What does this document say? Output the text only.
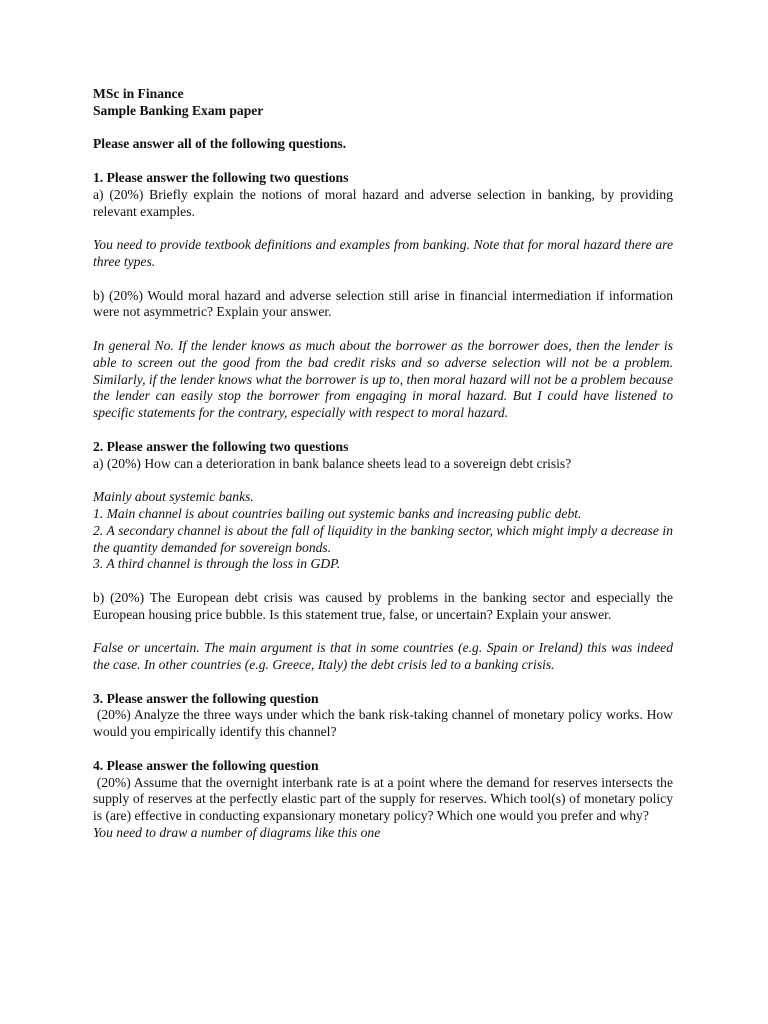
MSc in Finance

Sample Banking Exam paper

Please answer all of the following questions.

1. Please answer the following two questions

a) (20%) Briefly explain the notions of moral hazard and adverse selection in banking, by providing relevant examples.

You need to provide textbook definitions and examples from banking. Note that for moral hazard there are three types.

b) (20%) Would moral hazard and adverse selection still arise in financial intermediation if information were not asymmetric? Explain your answer.

In general No. If the lender knows as much about the borrower as the borrower does, then the lender is able to screen out the good from the bad credit risks and so adverse selection will not be a problem. Similarly, if the lender knows what the borrower is up to, then moral hazard will not be a problem because the lender can easily stop the borrower from engaging in moral hazard. But I could have listened to specific statements for the contrary, especially with respect to moral hazard.

2. Please answer the following two questions

a) (20%) How can a deterioration in bank balance sheets lead to a sovereign debt crisis?

Mainly about systemic banks.

1. Main channel is about countries bailing out systemic banks and increasing public debt.

2. A secondary channel is about the fall of liquidity in the banking sector, which might imply a decrease in the quantity demanded for sovereign bonds.

3. A third channel is through the loss in GDP.

b) (20%) The European debt crisis was caused by problems in the banking sector and especially the European housing price bubble. Is this statement true, false, or uncertain? Explain your answer.

False or uncertain. The main argument is that in some countries (e.g. Spain or Ireland) this was indeed the case. In other countries (e.g. Greece, Italy) the debt crisis led to a banking crisis.

3. Please answer the following question

(20%) Analyze the three ways under which the bank risk-taking channel of monetary policy works. How would you empirically identify this channel?

4. Please answer the following question

(20%) Assume that the overnight interbank rate is at a point where the demand for reserves intersects the supply of reserves at the perfectly elastic part of the supply for reserves. Which tool(s) of monetary policy is (are) effective in conducting expansionary monetary policy? Which one would you prefer and why?

You need to draw a number of diagrams like this one
